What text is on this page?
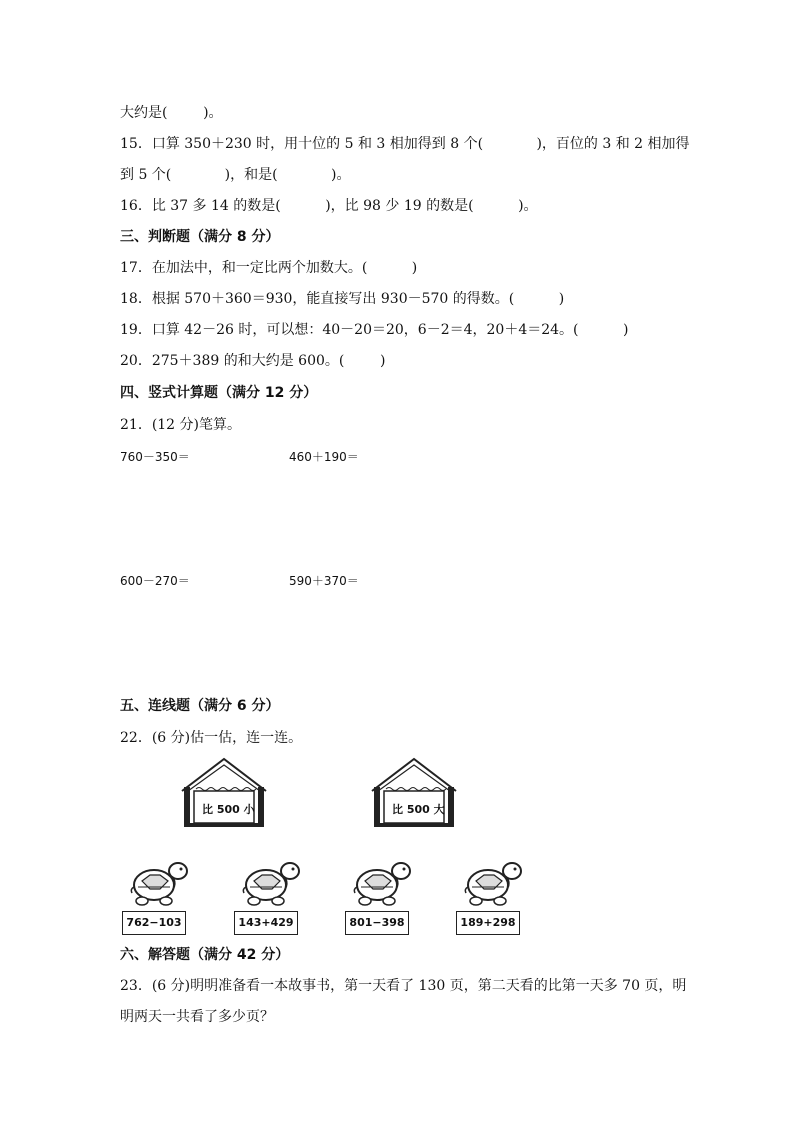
大约是(        )。
15．口算 350＋230 时，用十位的 5 和 3 相加得到 8 个(            )，百位的 3 和 2 相加得
到 5 个(            )，和是(            )。
16．比 37 多 14 的数是(          )，比 98 少 19 的数是(          )。
三、判断题（满分 8 分）
17．在加法中，和一定比两个加数大。(          )
18．根据 570＋360＝930，能直接写出 930－570 的得数。(          )
19．口算 42－26 时，可以想：40－20＝20，6－2＝4，20＋4＝24。(          )
20．275＋389 的和大约是 600。(        )
四、竖式计算题（满分 12 分）
21．(12 分)笔算。
760－350＝	460＋190＝
600－270＝	590＋370＝
五、连线题（满分 6 分）
22．(6 分)估一估，连一连。
比 500 小	比 500 大
762−103	143+429	801−398	189+298
六、解答题（满分 42 分）
23．(6 分)明明准备看一本故事书，第一天看了 130 页，第二天看的比第一天多 70 页，明
明两天一共看了多少页？
